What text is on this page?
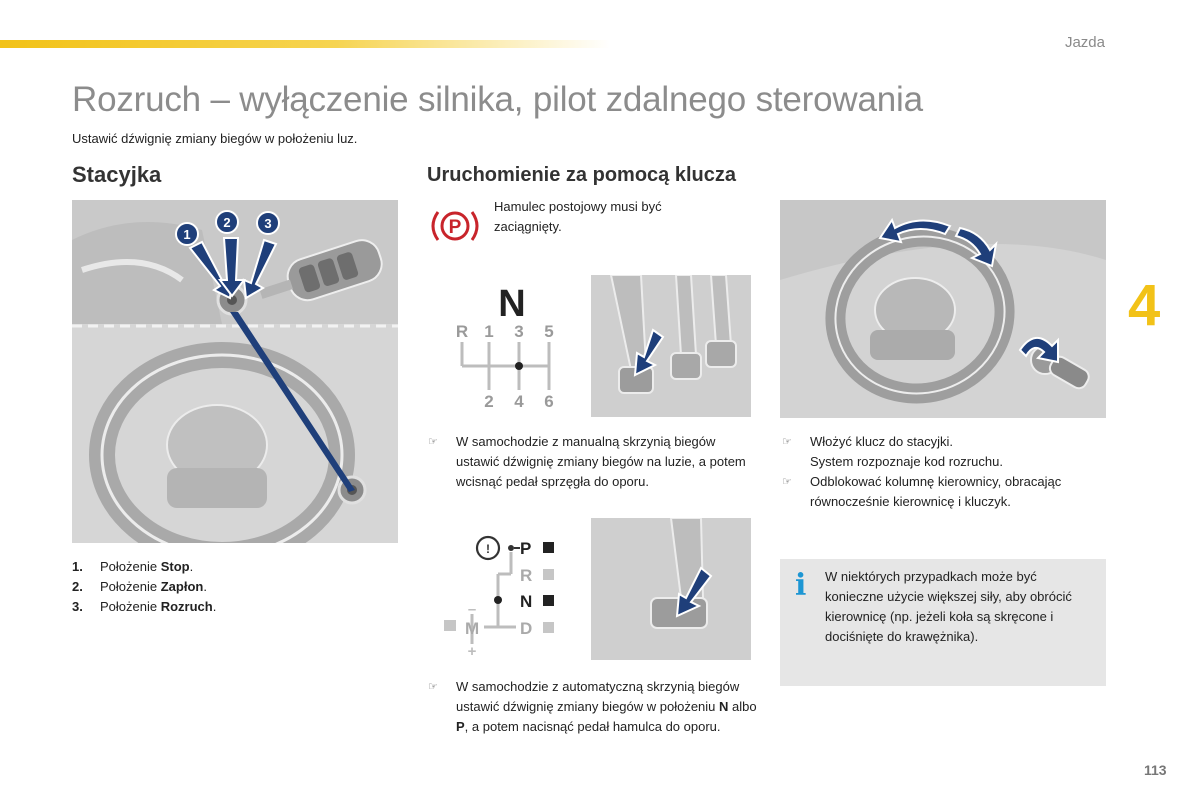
Jazda
Rozruch – wyłączenie silnika, pilot zdalnego sterowania
Ustawić dźwignię zmiany biegów w położeniu luz.
Stacyjka	Uruchomienie za pomocą klucza
4
113
1
2	3
1. Położenie Stop.
2. Położenie Zapłon.
3. Położenie Rozruch.
P
Hamulec postojowy musi być zaciągnięty.
N
R 1 3 5
2 4 6
☞	W samochodzie z manualną skrzynią biegów ustawić dźwignię zmiany biegów na luzie, a potem wcisnąć pedał sprzęgła do oporu.
!
+
–
P
R
N
D
M
☞	W samochodzie z automatyczną skrzynią biegów ustawić dźwignię zmiany biegów w położeniu N albo P, a potem nacisnąć pedał hamulca do oporu.
☞	Włożyć klucz do stacyjki.
System rozpoznaje kod rozruchu.
☞	Odblokować kolumnę kierownicy, obracając równocześnie kierownicę i kluczyk.
i W niektórych przypadkach może być konieczne użycie większej siły, aby obrócić kierownicę (np. jeżeli koła są skręcone i dociśnięte do krawężnika).
